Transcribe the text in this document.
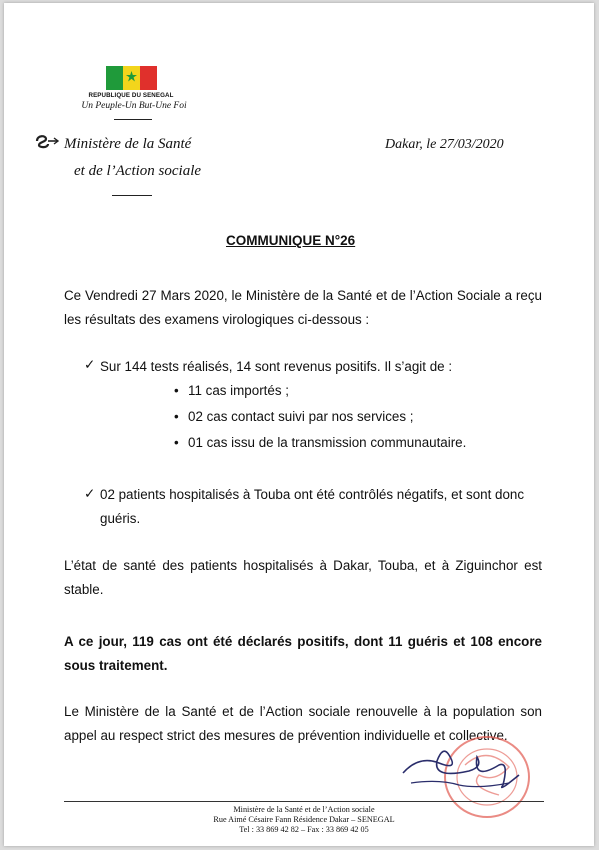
REPUBLIQUE DU SENEGAL
Un Peuple-Un But-Une Foi
Ministère de la Santé
et de l’Action sociale
Dakar, le 27/03/2020
COMMUNIQUE N°26
Ce Vendredi 27 Mars 2020, le Ministère de la Santé et de l’Action Sociale a reçu les résultats des examens virologiques ci-dessous :
✓ Sur 144 tests réalisés, 14 sont revenus positifs. Il s’agit de :
• 11 cas importés ;
• 02 cas contact suivi par nos services ;
• 01 cas issu de la transmission communautaire.
✓ 02 patients hospitalisés à Touba ont été contrôlés négatifs, et sont donc guéris.
L’état de santé des patients hospitalisés à Dakar, Touba, et à Ziguinchor est stable.
A ce jour, 119 cas ont été déclarés positifs, dont 11 guéris et 108 encore sous traitement.
Le Ministère de la Santé et de l’Action sociale renouvelle à la population son appel au respect strict des mesures de prévention individuelle et collective.
Ministère de la Santé et de l’Action sociale
Rue Aimé Césaire Fann Résidence Dakar – SENEGAL
Tel : 33 869 42 82 – Fax : 33 869 42 05
